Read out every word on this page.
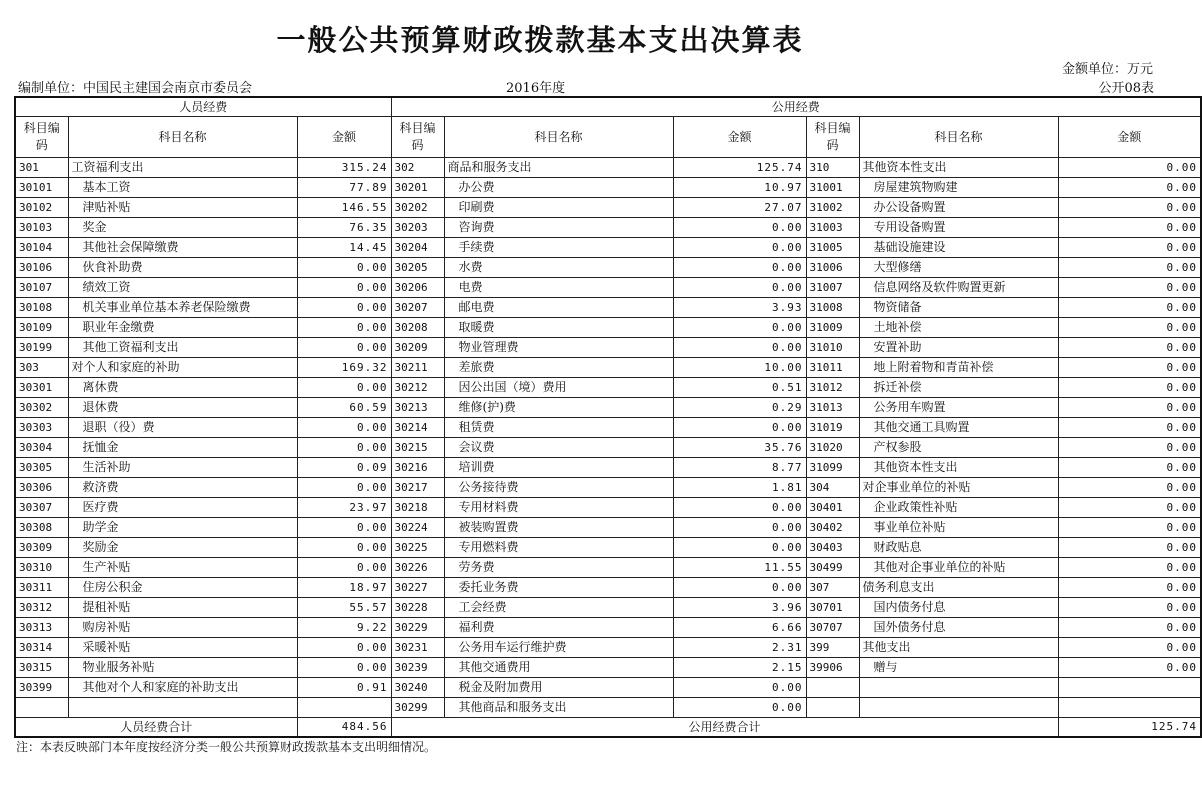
一般公共预算财政拨款基本支出决算表
金额单位：万元
编制单位：中国民主建国会南京市委员会	2016年度	公开08表
人员经费			公用经费					
科目编码	科目名称	金额	科目编码	科目名称	金额	科目编码	科目名称	金额
301	工资福利支出	315.24	302	商品和服务支出	125.74	310	其他资本性支出	0.00
30101	基本工资	77.89	30201	办公费	10.97	31001	房屋建筑物购建	0.00
30102	津贴补贴	146.55	30202	印刷费	27.07	31002	办公设备购置	0.00
30103	奖金	76.35	30203	咨询费	0.00	31003	专用设备购置	0.00
30104	其他社会保障缴费	14.45	30204	手续费	0.00	31005	基础设施建设	0.00
30106	伙食补助费	0.00	30205	水费	0.00	31006	大型修缮	0.00
30107	绩效工资	0.00	30206	电费	0.00	31007	信息网络及软件购置更新	0.00
30108	机关事业单位基本养老保险缴费	0.00	30207	邮电费	3.93	31008	物资储备	0.00
30109	职业年金缴费	0.00	30208	取暖费	0.00	31009	土地补偿	0.00
30199	其他工资福利支出	0.00	30209	物业管理费	0.00	31010	安置补助	0.00
303	对个人和家庭的补助	169.32	30211	差旅费	10.00	31011	地上附着物和青苗补偿	0.00
30301	离休费	0.00	30212	因公出国（境）费用	0.51	31012	拆迁补偿	0.00
30302	退休费	60.59	30213	维修(护)费	0.29	31013	公务用车购置	0.00
30303	退职（役）费	0.00	30214	租赁费	0.00	31019	其他交通工具购置	0.00
30304	抚恤金	0.00	30215	会议费	35.76	31020	产权参股	0.00
30305	生活补助	0.09	30216	培训费	8.77	31099	其他资本性支出	0.00
30306	救济费	0.00	30217	公务接待费	1.81	304	对企事业单位的补贴	0.00
30307	医疗费	23.97	30218	专用材料费	0.00	30401	企业政策性补贴	0.00
30308	助学金	0.00	30224	被装购置费	0.00	30402	事业单位补贴	0.00
30309	奖励金	0.00	30225	专用燃料费	0.00	30403	财政贴息	0.00
30310	生产补贴	0.00	30226	劳务费	11.55	30499	其他对企事业单位的补贴	0.00
30311	住房公积金	18.97	30227	委托业务费	0.00	307	债务利息支出	0.00
30312	提租补贴	55.57	30228	工会经费	3.96	30701	国内债务付息	0.00
30313	购房补贴	9.22	30229	福利费	6.66	30707	国外债务付息	0.00
30314	采暖补贴	0.00	30231	公务用车运行维护费	2.31	399	其他支出	0.00
30315	物业服务补贴	0.00	30239	其他交通费用	2.15	39906	赠与	0.00
30399	其他对个人和家庭的补助支出	0.91	30240	税金及附加费用	0.00			
			30299	其他商品和服务支出	0.00			
人员经费合计		484.56	公用经费合计					125.74
注：本表反映部门本年度按经济分类一般公共预算财政拨款基本支出明细情况。
